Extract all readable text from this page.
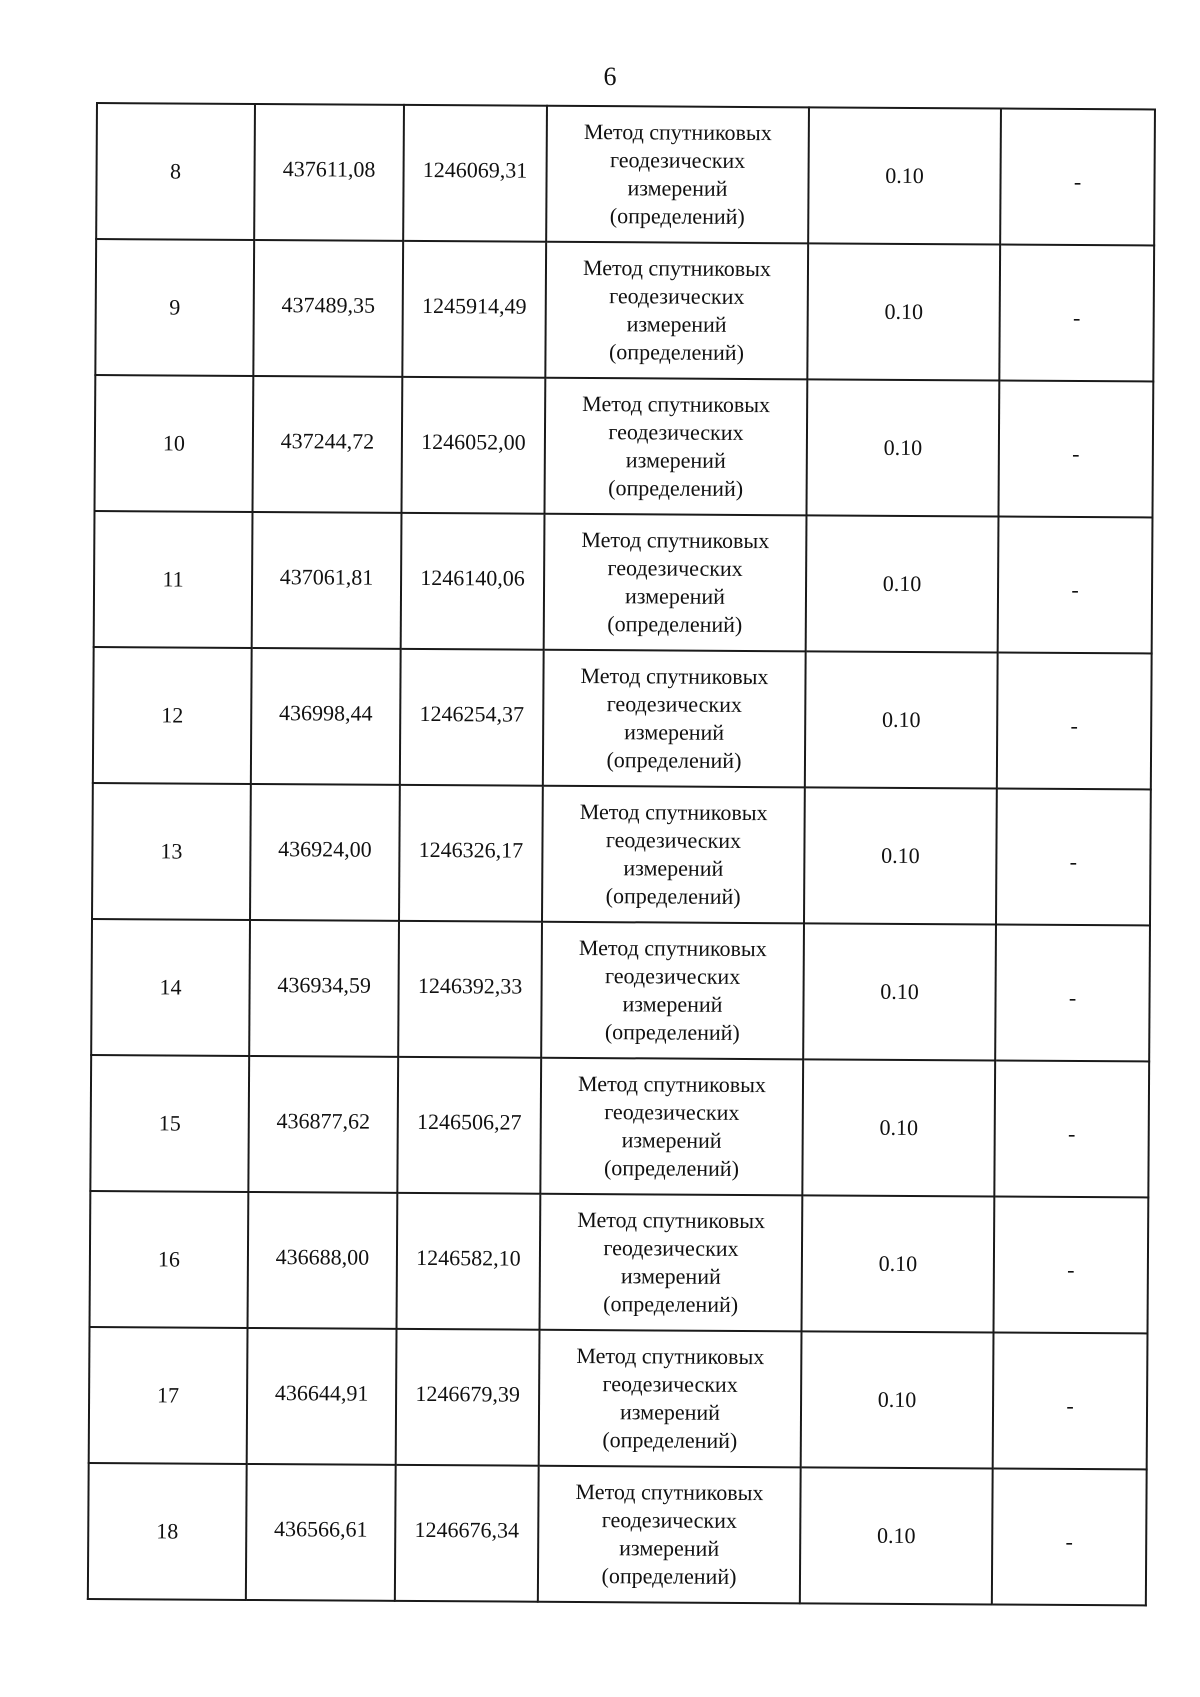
6
8	437611,08	1246069,31	Метод спутниковых
геодезических
измерений
(определений)	0.10	-
9	437489,35	1245914,49	Метод спутниковых
геодезических
измерений
(определений)	0.10	-
10	437244,72	1246052,00	Метод спутниковых
геодезических
измерений
(определений)	0.10	-
11	437061,81	1246140,06	Метод спутниковых
геодезических
измерений
(определений)	0.10	-
12	436998,44	1246254,37	Метод спутниковых
геодезических
измерений
(определений)	0.10	-
13	436924,00	1246326,17	Метод спутниковых
геодезических
измерений
(определений)	0.10	-
14	436934,59	1246392,33	Метод спутниковых
геодезических
измерений
(определений)	0.10	-
15	436877,62	1246506,27	Метод спутниковых
геодезических
измерений
(определений)	0.10	-
16	436688,00	1246582,10	Метод спутниковых
геодезических
измерений
(определений)	0.10	-
17	436644,91	1246679,39	Метод спутниковых
геодезических
измерений
(определений)	0.10	-
18	436566,61	1246676,34	Метод спутниковых
геодезических
измерений
(определений)	0.10	-
